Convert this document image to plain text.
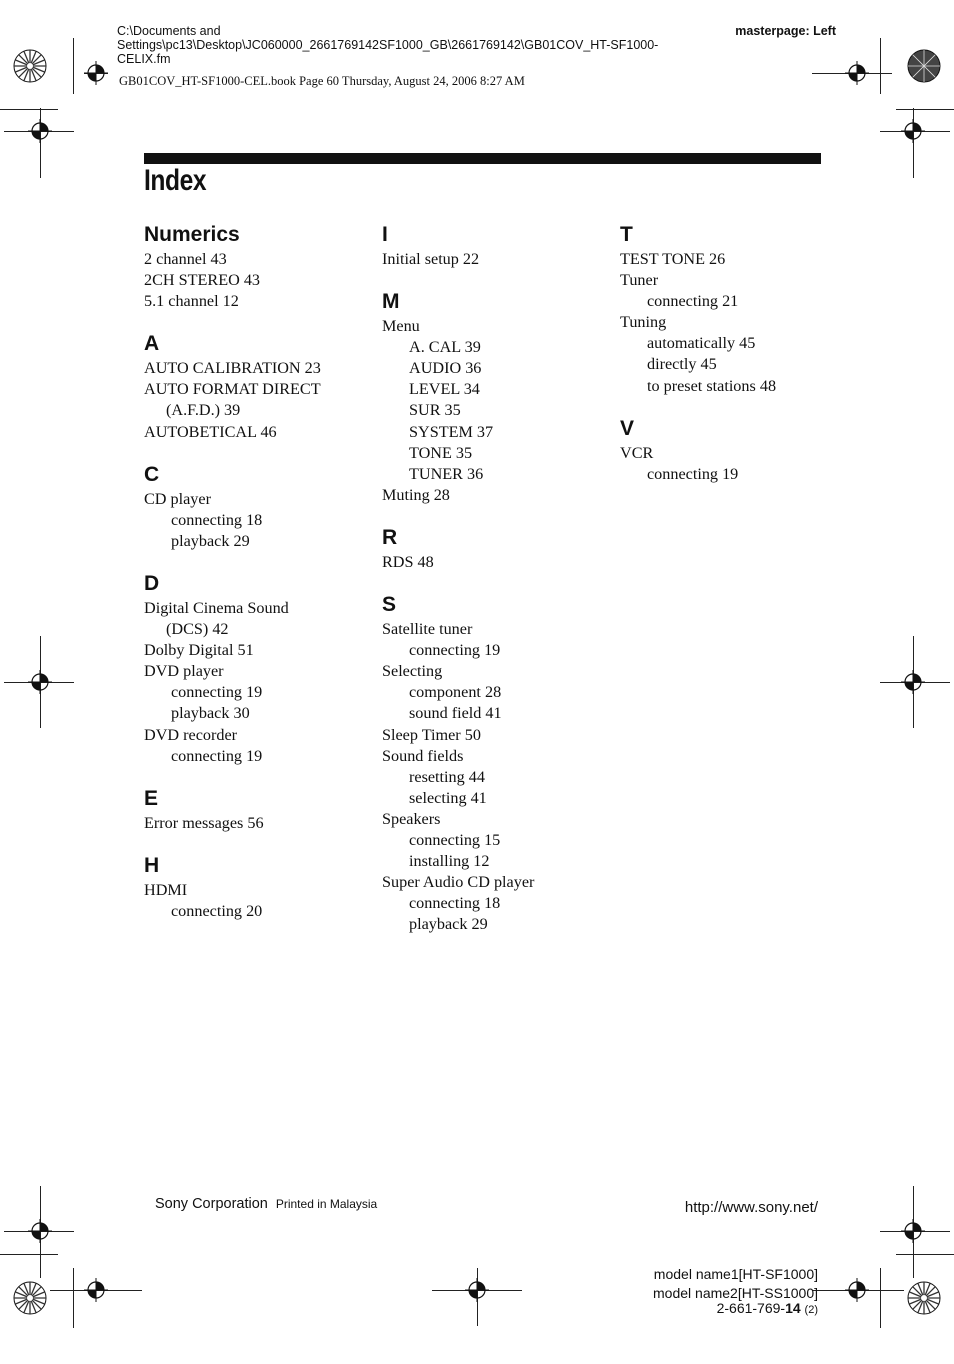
C:\Documents and
Settings\pc13\Desktop\JC060000_2661769142SF1000_GB\2661769142\GB01COV_HT-SF1000-
CELIX.fm
masterpage: Left
GB01COV_HT-SF1000-CEL.book Page 60 Thursday, August 24, 2006 8:27 AM
Index
Numerics
2 channel 43
2CH STEREO 43
5.1 channel 12
A
AUTO CALIBRATION 23
AUTO FORMAT DIRECT
(A.F.D.) 39
AUTOBETICAL 46
C
CD player
connecting 18
playback 29
D
Digital Cinema Sound
(DCS) 42
Dolby Digital 51
DVD player
connecting 19
playback 30
DVD recorder
connecting 19
E
Error messages 56
H
HDMI
connecting 20
I
Initial setup 22
M
Menu
A. CAL 39
AUDIO 36
LEVEL 34
SUR 35
SYSTEM 37
TONE 35
TUNER 36
Muting 28
R
RDS 48
S
Satellite tuner
connecting 19
Selecting
component 28
sound field 41
Sleep Timer 50
Sound fields
resetting 44
selecting 41
Speakers
connecting 15
installing 12
Super Audio CD player
connecting 18
playback 29
T
TEST TONE 26
Tuner
connecting 21
Tuning
automatically 45
directly 45
to preset stations 48
V
VCR
connecting 19
Sony Corporation Printed in Malaysia	http://www.sony.net/
model name1[HT-SF1000]
model name2[HT-SS1000]
2-661-769-14 (2)
